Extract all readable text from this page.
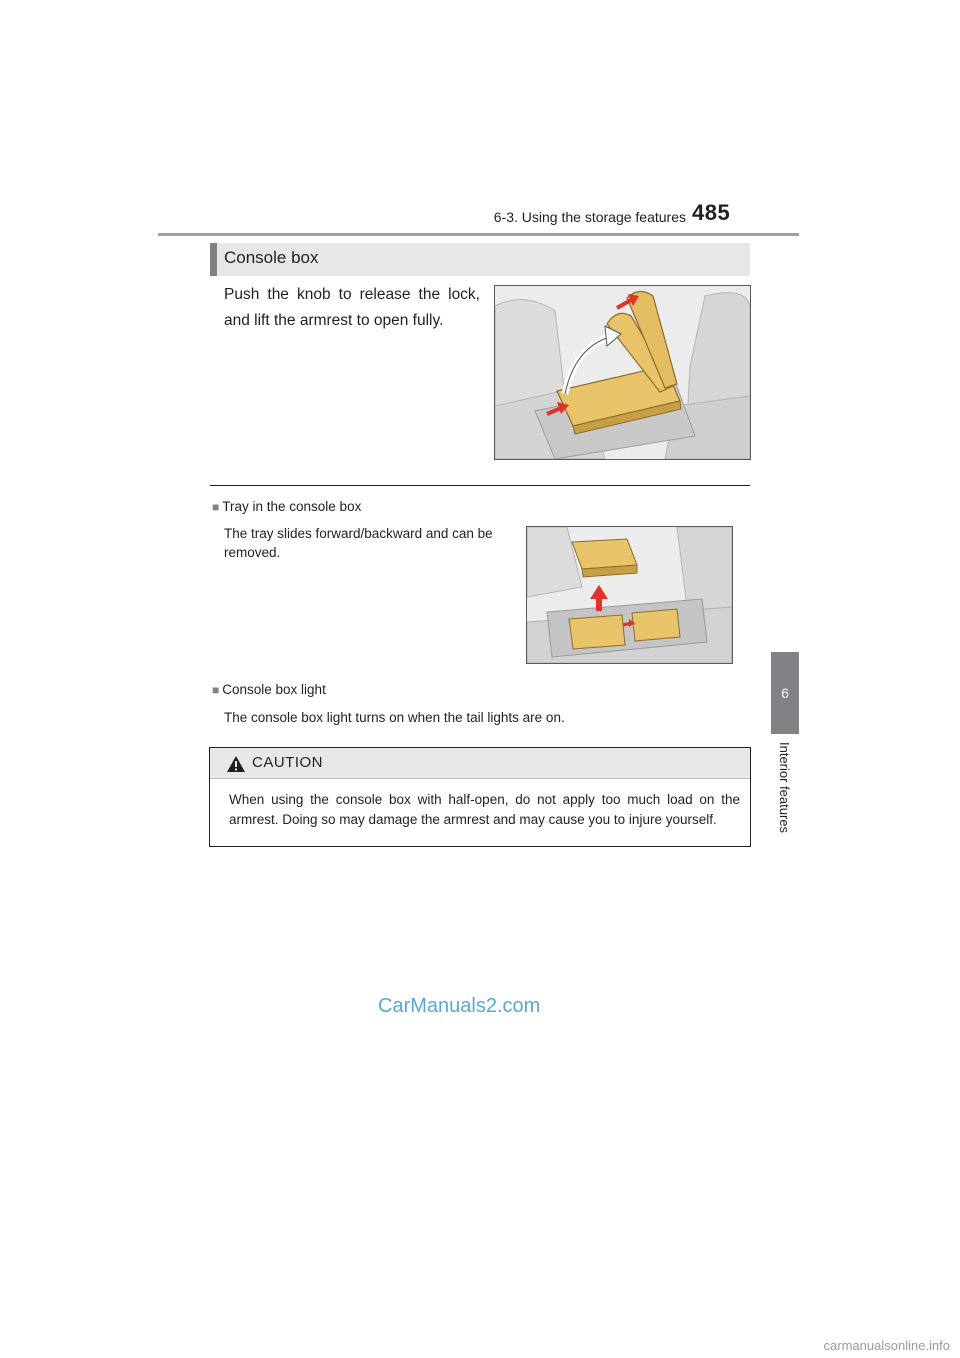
6-3. Using the storage features 485
6
Interior features
Console box
Push the knob to release the lock, and lift the armrest to open fully.
■ Tray in the console box
The tray slides forward/backward and can be removed.
■ Console box light
The console box light turns on when the tail lights are on.
CAUTION
When using the console box with half-open, do not apply too much load on the armrest. Doing so may damage the armrest and may cause you to injure yourself.
CarManuals2.com
carmanualsonline.info
